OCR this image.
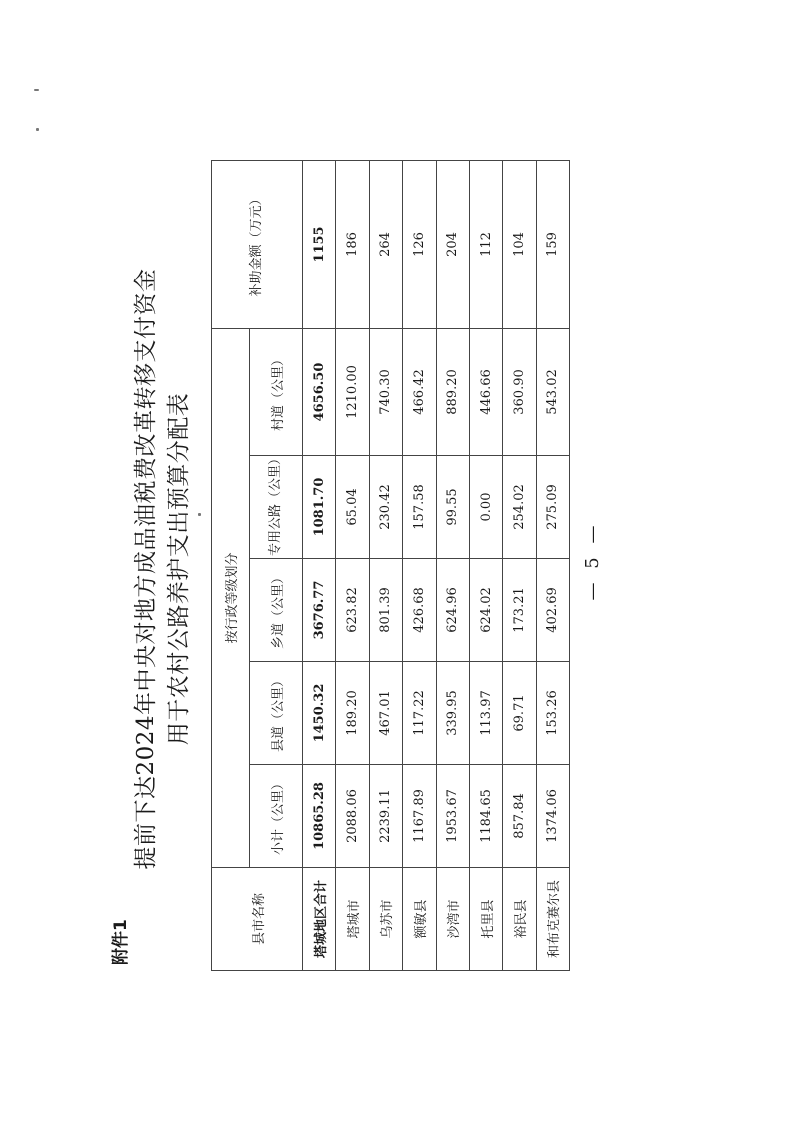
附件1
提前下达2024年中央对地方成品油税费改革转移支付资金 用于农村公路养护支出预算分配表
县市名称	按行政等级划分					补助金额（万元）
	小计（公里）	县道（公里）	乡道（公里）	专用公路（公里）	村道（公里）	
塔城地区合计	10865.28	1450.32	3676.77	1081.70	4656.50	1155
塔城市	2088.06	189.20	623.82	65.04	1210.00	186
乌苏市	2239.11	467.01	801.39	230.42	740.30	264
额敏县	1167.89	117.22	426.68	157.58	466.42	126
沙湾市	1953.67	339.95	624.96	99.55	889.20	204
托里县	1184.65	113.97	624.02	0.00	446.66	112
裕民县	857.84	69.71	173.21	254.02	360.90	104
和布克赛尔县	1374.06	153.26	402.69	275.09	543.02	159
— 5 —
